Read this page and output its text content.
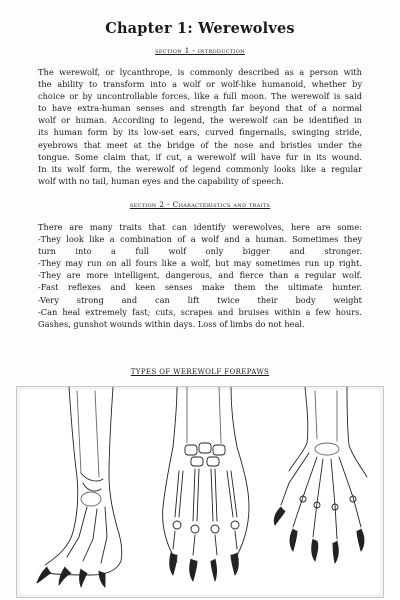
Chapter 1: Werewolves
section 1 - introduction
The werewolf, or lycanthrope, is commonly described as a person with
the ability to transform into a wolf or wolf-like humanoid, whether by
choice or by uncontrollable forces, like a full moon. The werewolf is said
to have extra-human senses and strength far beyond that of a normal
wolf or human. According to legend, the werewolf can be identified in
its human form by its low-set ears, curved fingernails, swinging stride,
eyebrows that meet at the bridge of the nose and bristles under the
tongue. Some claim that, if cut, a werewolf will have fur in its wound.
In its wolf form, the werewolf of legend commonly looks like a regular
wolf with no tail, human eyes and the capability of speech.
section 2 - Characteristics and traits
There are many traits that can identify werewolves, here are some:
-They look like a combination of a wolf and a human. Sometimes they
turn into a full wolf only bigger and stronger.
-They may run on all fours like a wolf, but may sometimes run up right.
-They are more intelligent, dangerous, and fierce than a regular wolf.
-Fast reflexes and keen senses make them the ultimate hunter.
-Very strong and can lift twice their body weight
-Can heal extremely fast; cuts, scrapes and bruises within a few hours.
Gashes, gunshot wounds within days. Loss of limbs do not heal.
TYPES OF WEREWOLF FOREPAWS
